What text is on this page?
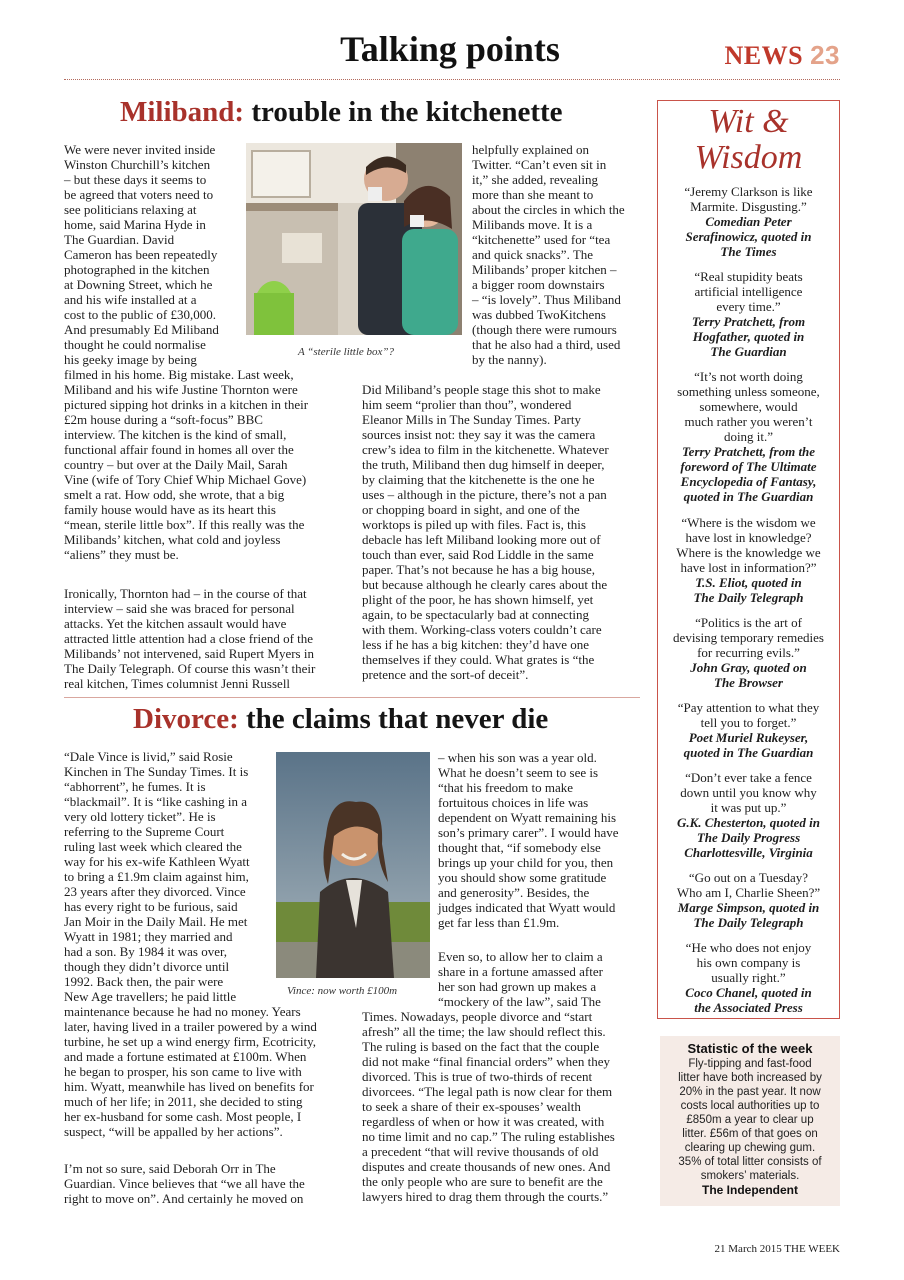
Talking points	NEWS 23
Miliband: trouble in the kitchenette
We were never invited inside
Winston Churchill’s kitchen
– but these days it seems to
be agreed that voters need to
see politicians relaxing at
home, said Marina Hyde in
The Guardian. David
Cameron has been repeatedly
photographed in the kitchen
at Downing Street, which he
and his wife installed at a
cost to the public of £30,000.
And presumably Ed Miliband
thought he could normalise
his geeky image by being
filmed in his home. Big mistake. Last week,
Miliband and his wife Justine Thornton were
pictured sipping hot drinks in a kitchen in their
£2m house during a “soft-focus” BBC
interview. The kitchen is the kind of small,
functional affair found in homes all over the
country – but over at the Daily Mail, Sarah
Vine (wife of Tory Chief Whip Michael Gove)
smelt a rat. How odd, she wrote, that a big
family house would have as its heart this
“mean, sterile little box”. If this really was the
Milibands’ kitchen, what cold and joyless
“aliens” they must be.
Ironically, Thornton had – in the course of that
interview – said she was braced for personal
attacks. Yet the kitchen assault would have
attracted little attention had a close friend of the
Milibands’ not intervened, said Rupert Myers in
The Daily Telegraph. Of course this wasn’t their
real kitchen, Times columnist Jenni Russell
A “sterile little box”?
helpfully explained on
Twitter. “Can’t even sit in
it,” she added, revealing
more than she meant to
about the circles in which the
Milibands move. It is a
“kitchenette” used for “tea
and quick snacks”. The
Milibands’ proper kitchen –
a bigger room downstairs
– “is lovely”. Thus Miliband
was dubbed TwoKitchens
(though there were rumours
that he also had a third, used
by the nanny).
Did Miliband’s people stage this shot to make
him seem “prolier than thou”, wondered
Eleanor Mills in The Sunday Times. Party
sources insist not: they say it was the camera
crew’s idea to film in the kitchenette. Whatever
the truth, Miliband then dug himself in deeper,
by claiming that the kitchenette is the one he
uses – although in the picture, there’s not a pan
or chopping board in sight, and one of the
worktops is piled up with files. Fact is, this
debacle has left Miliband looking more out of
touch than ever, said Rod Liddle in the same
paper. That’s not because he has a big house,
but because although he clearly cares about the
plight of the poor, he has shown himself, yet
again, to be spectacularly bad at connecting
with them. Working-class voters couldn’t care
less if he has a big kitchen: they’d have one
themselves if they could. What grates is “the
pretence and the sort-of deceit”.
Divorce: the claims that never die
“Dale Vince is livid,” said Rosie
Kinchen in The Sunday Times. It is
“abhorrent”, he fumes. It is
“blackmail”. It is “like cashing in a
very old lottery ticket”. He is
referring to the Supreme Court
ruling last week which cleared the
way for his ex-wife Kathleen Wyatt
to bring a £1.9m claim against him,
23 years after they divorced. Vince
has every right to be furious, said
Jan Moir in the Daily Mail. He met
Wyatt in 1981; they married and
had a son. By 1984 it was over,
though they didn’t divorce until
1992. Back then, the pair were
New Age travellers; he paid little
maintenance because he had no money. Years
later, having lived in a trailer powered by a wind
turbine, he set up a wind energy firm, Ecotricity,
and made a fortune estimated at £100m. When
he began to prosper, his son came to live with
him. Wyatt, meanwhile has lived on benefits for
much of her life; in 2011, she decided to sting
her ex-husband for some cash. Most people, I
suspect, “will be appalled by her actions”.
I’m not so sure, said Deborah Orr in The
Guardian. Vince believes that “we all have the
right to move on”. And certainly he moved on
Vince: now worth £100m
– when his son was a year old.
What he doesn’t seem to see is
“that his freedom to make
fortuitous choices in life was
dependent on Wyatt remaining his
son’s primary carer”. I would have
thought that, “if somebody else
brings up your child for you, then
you should show some gratitude
and generosity”. Besides, the
judges indicated that Wyatt would
get far less than £1.9m.
Even so, to allow her to claim a
share in a fortune amassed after
her son had grown up makes a
“mockery of the law”, said The
Times. Nowadays, people divorce and “start
afresh” all the time; the law should reflect this.
The ruling is based on the fact that the couple
did not make “final financial orders” when they
divorced. This is true of two-thirds of recent
divorcees. “The legal path is now clear for them
to seek a share of their ex-spouses’ wealth
regardless of when or how it was created, with
no time limit and no cap.” The ruling establishes
a precedent “that will revive thousands of old
disputes and create thousands of new ones. And
the only people who are sure to benefit are the
lawyers hired to drag them through the courts.”
Wit &
Wisdom
“Jeremy Clarkson is like
Marmite. Disgusting.”
Comedian Peter
Serafinowicz, quoted in
The Times
“Real stupidity beats
artificial intelligence
every time.”
Terry Pratchett, from
Hogfather, quoted in
The Guardian
“It’s not worth doing
something unless someone,
somewhere, would
much rather you weren’t
doing it.”
Terry Pratchett, from the
foreword of The Ultimate
Encyclopedia of Fantasy,
quoted in The Guardian
“Where is the wisdom we
have lost in knowledge?
Where is the knowledge we
have lost in information?”
T.S. Eliot, quoted in
The Daily Telegraph
“Politics is the art of
devising temporary remedies
for recurring evils.”
John Gray, quoted on
The Browser
“Pay attention to what they
tell you to forget.”
Poet Muriel Rukeyser,
quoted in The Guardian
“Don’t ever take a fence
down until you know why
it was put up.”
G.K. Chesterton, quoted in
The Daily Progress
Charlottesville, Virginia
“Go out on a Tuesday?
Who am I, Charlie Sheen?”
Marge Simpson, quoted in
The Daily Telegraph
“He who does not enjoy
his own company is
usually right.”
Coco Chanel, quoted in
the Associated Press
Statistic of the week
Fly-tipping and fast-food
litter have both increased by
20% in the past year. It now
costs local authorities up to
£850m a year to clear up
litter. £56m of that goes on
clearing up chewing gum.
35% of total litter consists of
smokers’ materials.
The Independent
21 March 2015 THE WEEK
